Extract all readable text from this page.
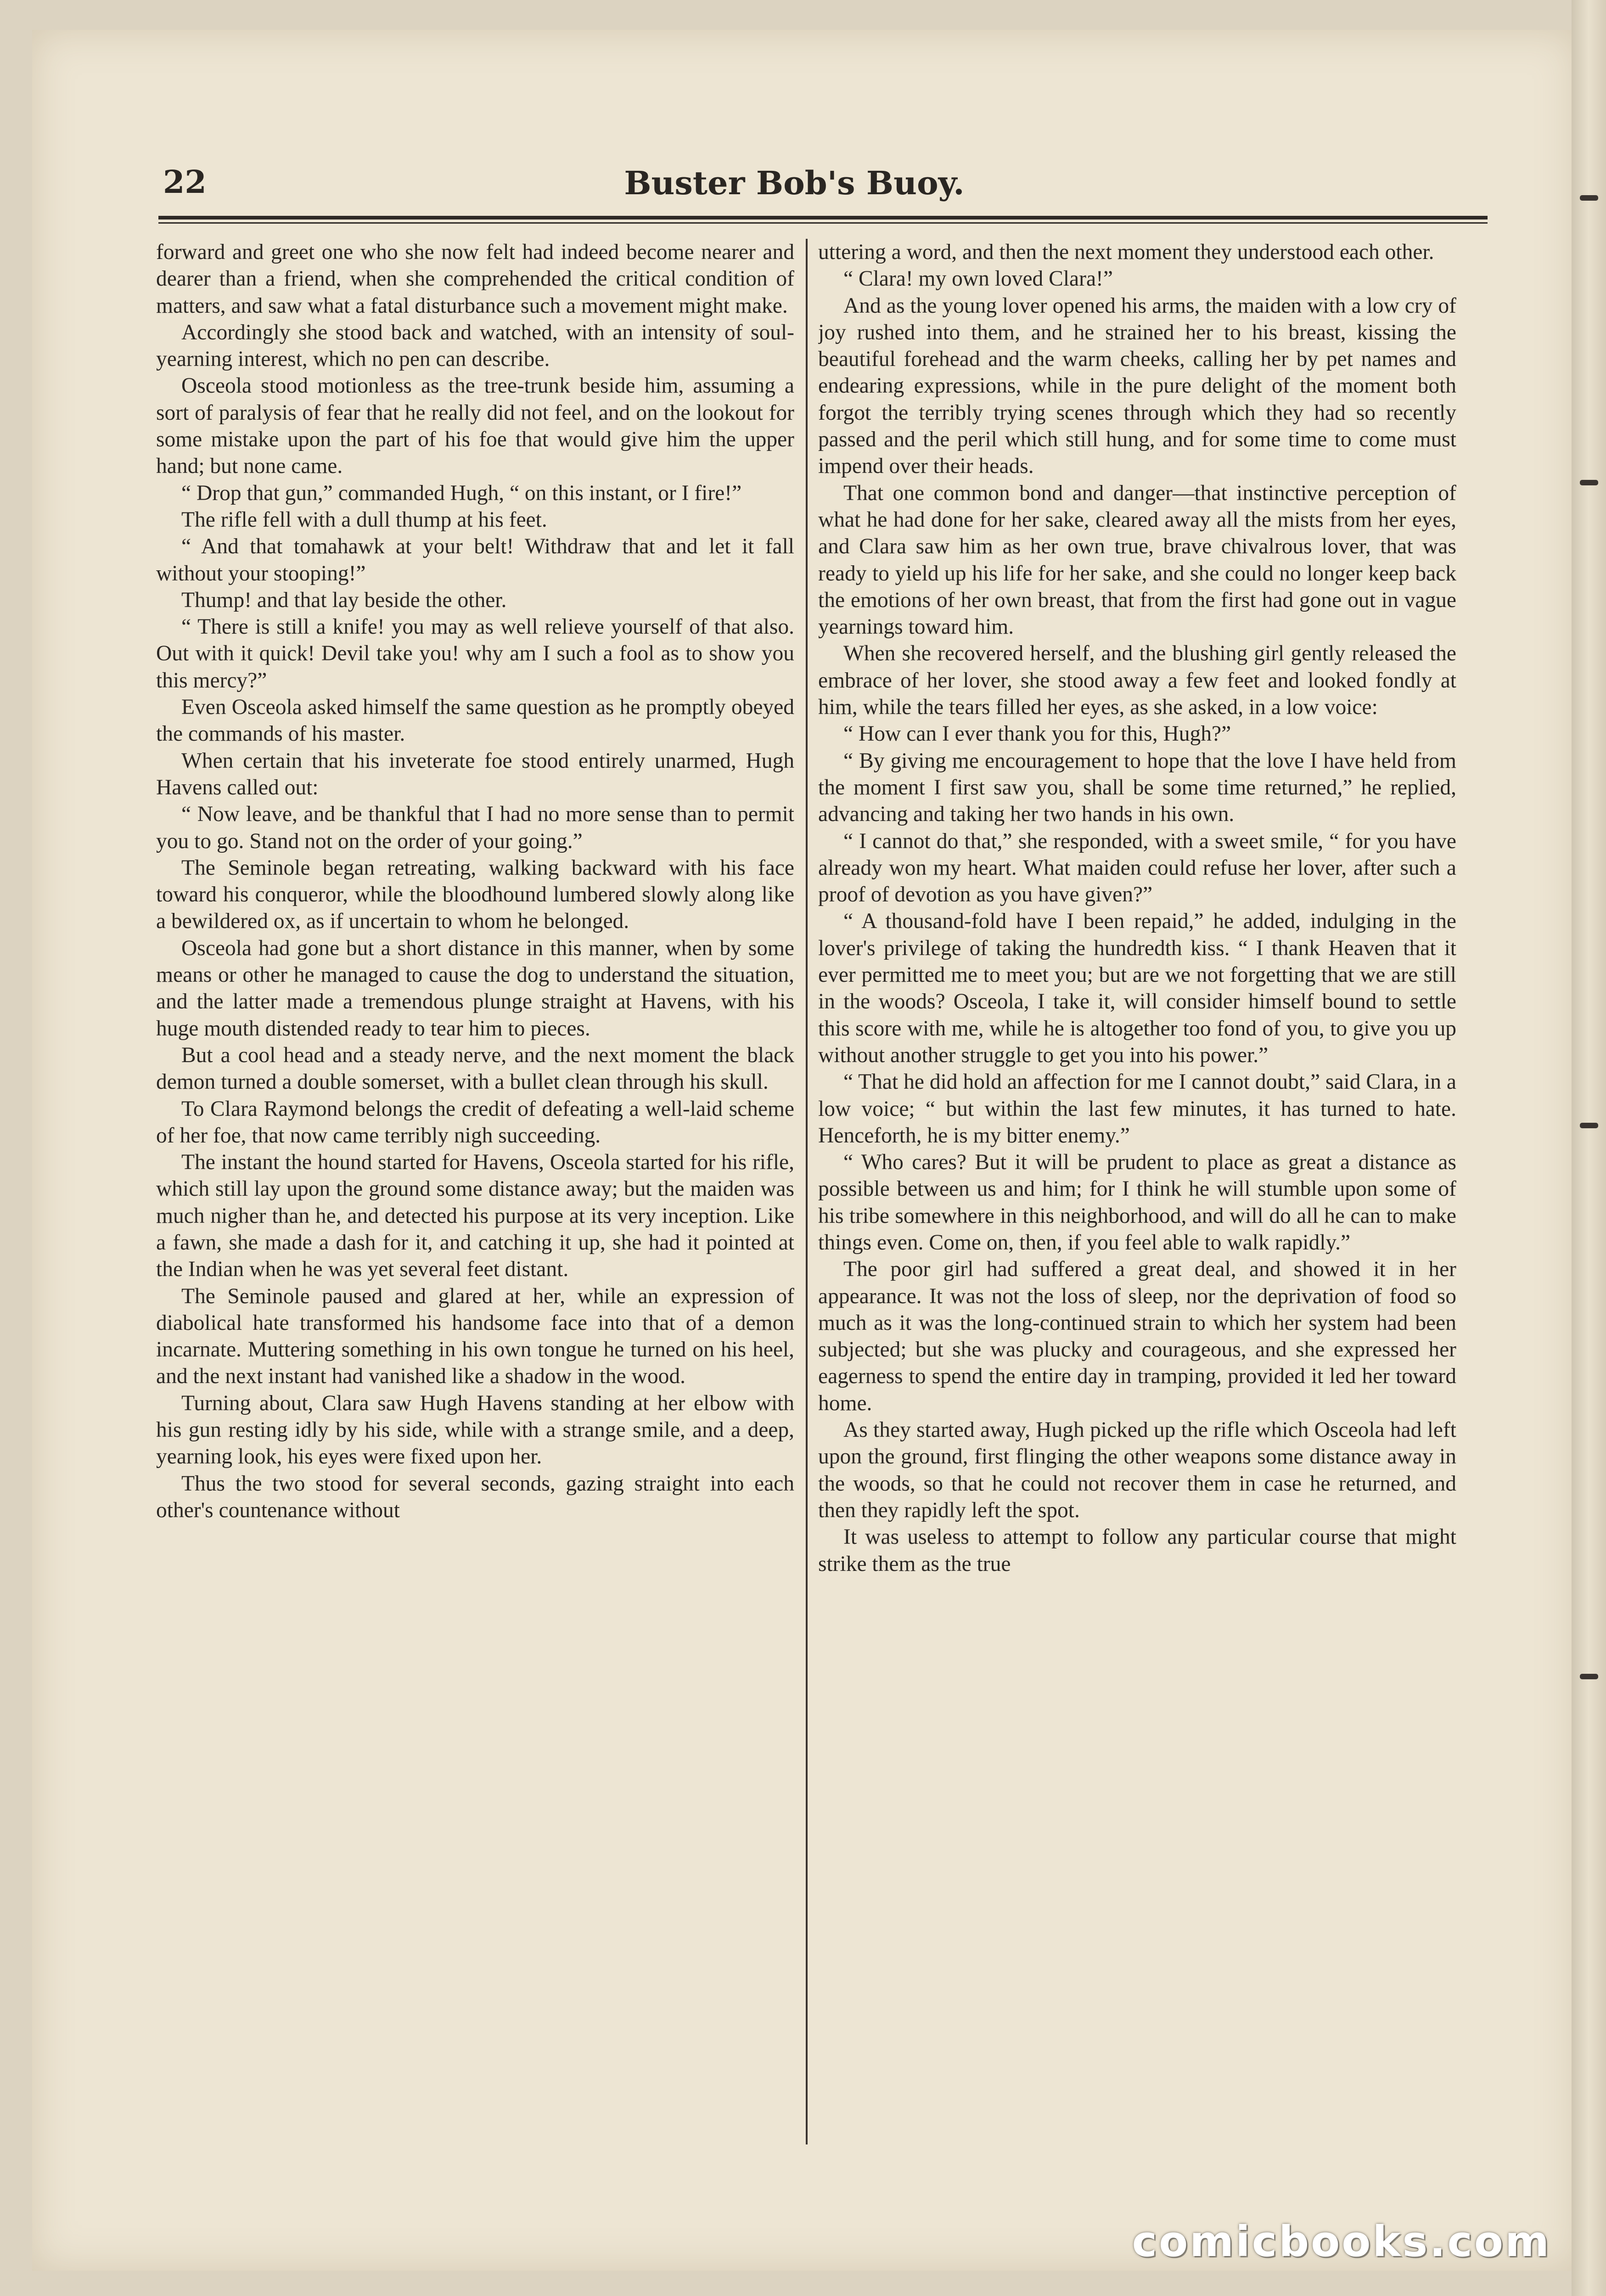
22	Buster Bob's Buoy.

forward and greet one who she now felt had indeed become nearer and dearer than a friend, when she comprehended the critical condition of matters, and saw what a fatal disturbance such a movement might make.

Accordingly she stood back and watched, with an intensity of soul-yearning interest, which no pen can describe.

Osceola stood motionless as the tree-trunk beside him, assuming a sort of paralysis of fear that he really did not feel, and on the lookout for some mistake upon the part of his foe that would give him the upper hand; but none came.

“ Drop that gun,” commanded Hugh, “ on this instant, or I fire!”

The rifle fell with a dull thump at his feet.

“ And that tomahawk at your belt! Withdraw that and let it fall without your stooping!”

Thump! and that lay beside the other.

“ There is still a knife! you may as well relieve yourself of that also. Out with it quick! Devil take you! why am I such a fool as to show you this mercy?”

Even Osceola asked himself the same question as he promptly obeyed the commands of his master.

When certain that his inveterate foe stood entirely unarmed, Hugh Havens called out:

“ Now leave, and be thankful that I had no more sense than to permit you to go. Stand not on the order of your going.”

The Seminole began retreating, walking backward with his face toward his conqueror, while the bloodhound lumbered slowly along like a bewildered ox, as if uncertain to whom he belonged.

Osceola had gone but a short distance in this manner, when by some means or other he managed to cause the dog to understand the situation, and the latter made a tremendous plunge straight at Havens, with his huge mouth distended ready to tear him to pieces.

But a cool head and a steady nerve, and the next moment the black demon turned a double somerset, with a bullet clean through his skull.

To Clara Raymond belongs the credit of defeating a well-laid scheme of her foe, that now came terribly nigh succeeding.

The instant the hound started for Havens, Osceola started for his rifle, which still lay upon the ground some distance away; but the maiden was much nigher than he, and detected his purpose at its very inception. Like a fawn, she made a dash for it, and catching it up, she had it pointed at the Indian when he was yet several feet distant.

The Seminole paused and glared at her, while an expression of diabolical hate transformed his handsome face into that of a demon incarnate. Muttering something in his own tongue he turned on his heel, and the next instant had vanished like a shadow in the wood.

Turning about, Clara saw Hugh Havens standing at her elbow with his gun resting idly by his side, while with a strange smile, and a deep, yearning look, his eyes were fixed upon her.

Thus the two stood for several seconds, gazing straight into each other's countenance without

uttering a word, and then the next moment they understood each other.

“ Clara! my own loved Clara!”

And as the young lover opened his arms, the maiden with a low cry of joy rushed into them, and he strained her to his breast, kissing the beautiful forehead and the warm cheeks, calling her by pet names and endearing expressions, while in the pure delight of the moment both forgot the terribly trying scenes through which they had so recently passed and the peril which still hung, and for some time to come must impend over their heads.

That one common bond and danger—that instinctive perception of what he had done for her sake, cleared away all the mists from her eyes, and Clara saw him as her own true, brave chivalrous lover, that was ready to yield up his life for her sake, and she could no longer keep back the emotions of her own breast, that from the first had gone out in vague yearnings toward him.

When she recovered herself, and the blushing girl gently released the embrace of her lover, she stood away a few feet and looked fondly at him, while the tears filled her eyes, as she asked, in a low voice:

“ How can I ever thank you for this, Hugh?”

“ By giving me encouragement to hope that the love I have held from the moment I first saw you, shall be some time returned,” he replied, advancing and taking her two hands in his own.

“ I cannot do that,” she responded, with a sweet smile, “ for you have already won my heart. What maiden could refuse her lover, after such a proof of devotion as you have given?”

“ A thousand-fold have I been repaid,” he added, indulging in the lover's privilege of taking the hundredth kiss. “ I thank Heaven that it ever permitted me to meet you; but are we not forgetting that we are still in the woods? Osceola, I take it, will consider himself bound to settle this score with me, while he is altogether too fond of you, to give you up without another struggle to get you into his power.”

“ That he did hold an affection for me I cannot doubt,” said Clara, in a low voice; “ but within the last few minutes, it has turned to hate. Henceforth, he is my bitter enemy.”

“ Who cares? But it will be prudent to place as great a distance as possible between us and him; for I think he will stumble upon some of his tribe somewhere in this neighborhood, and will do all he can to make things even. Come on, then, if you feel able to walk rapidly.”

The poor girl had suffered a great deal, and showed it in her appearance. It was not the loss of sleep, nor the deprivation of food so much as it was the long-continued strain to which her system had been subjected; but she was plucky and courageous, and she expressed her eagerness to spend the entire day in tramping, provided it led her toward home.

As they started away, Hugh picked up the rifle which Osceola had left upon the ground, first flinging the other weapons some distance away in the woods, so that he could not recover them in case he returned, and then they rapidly left the spot.

It was useless to attempt to follow any particular course that might strike them as the true

comicbooks.com
